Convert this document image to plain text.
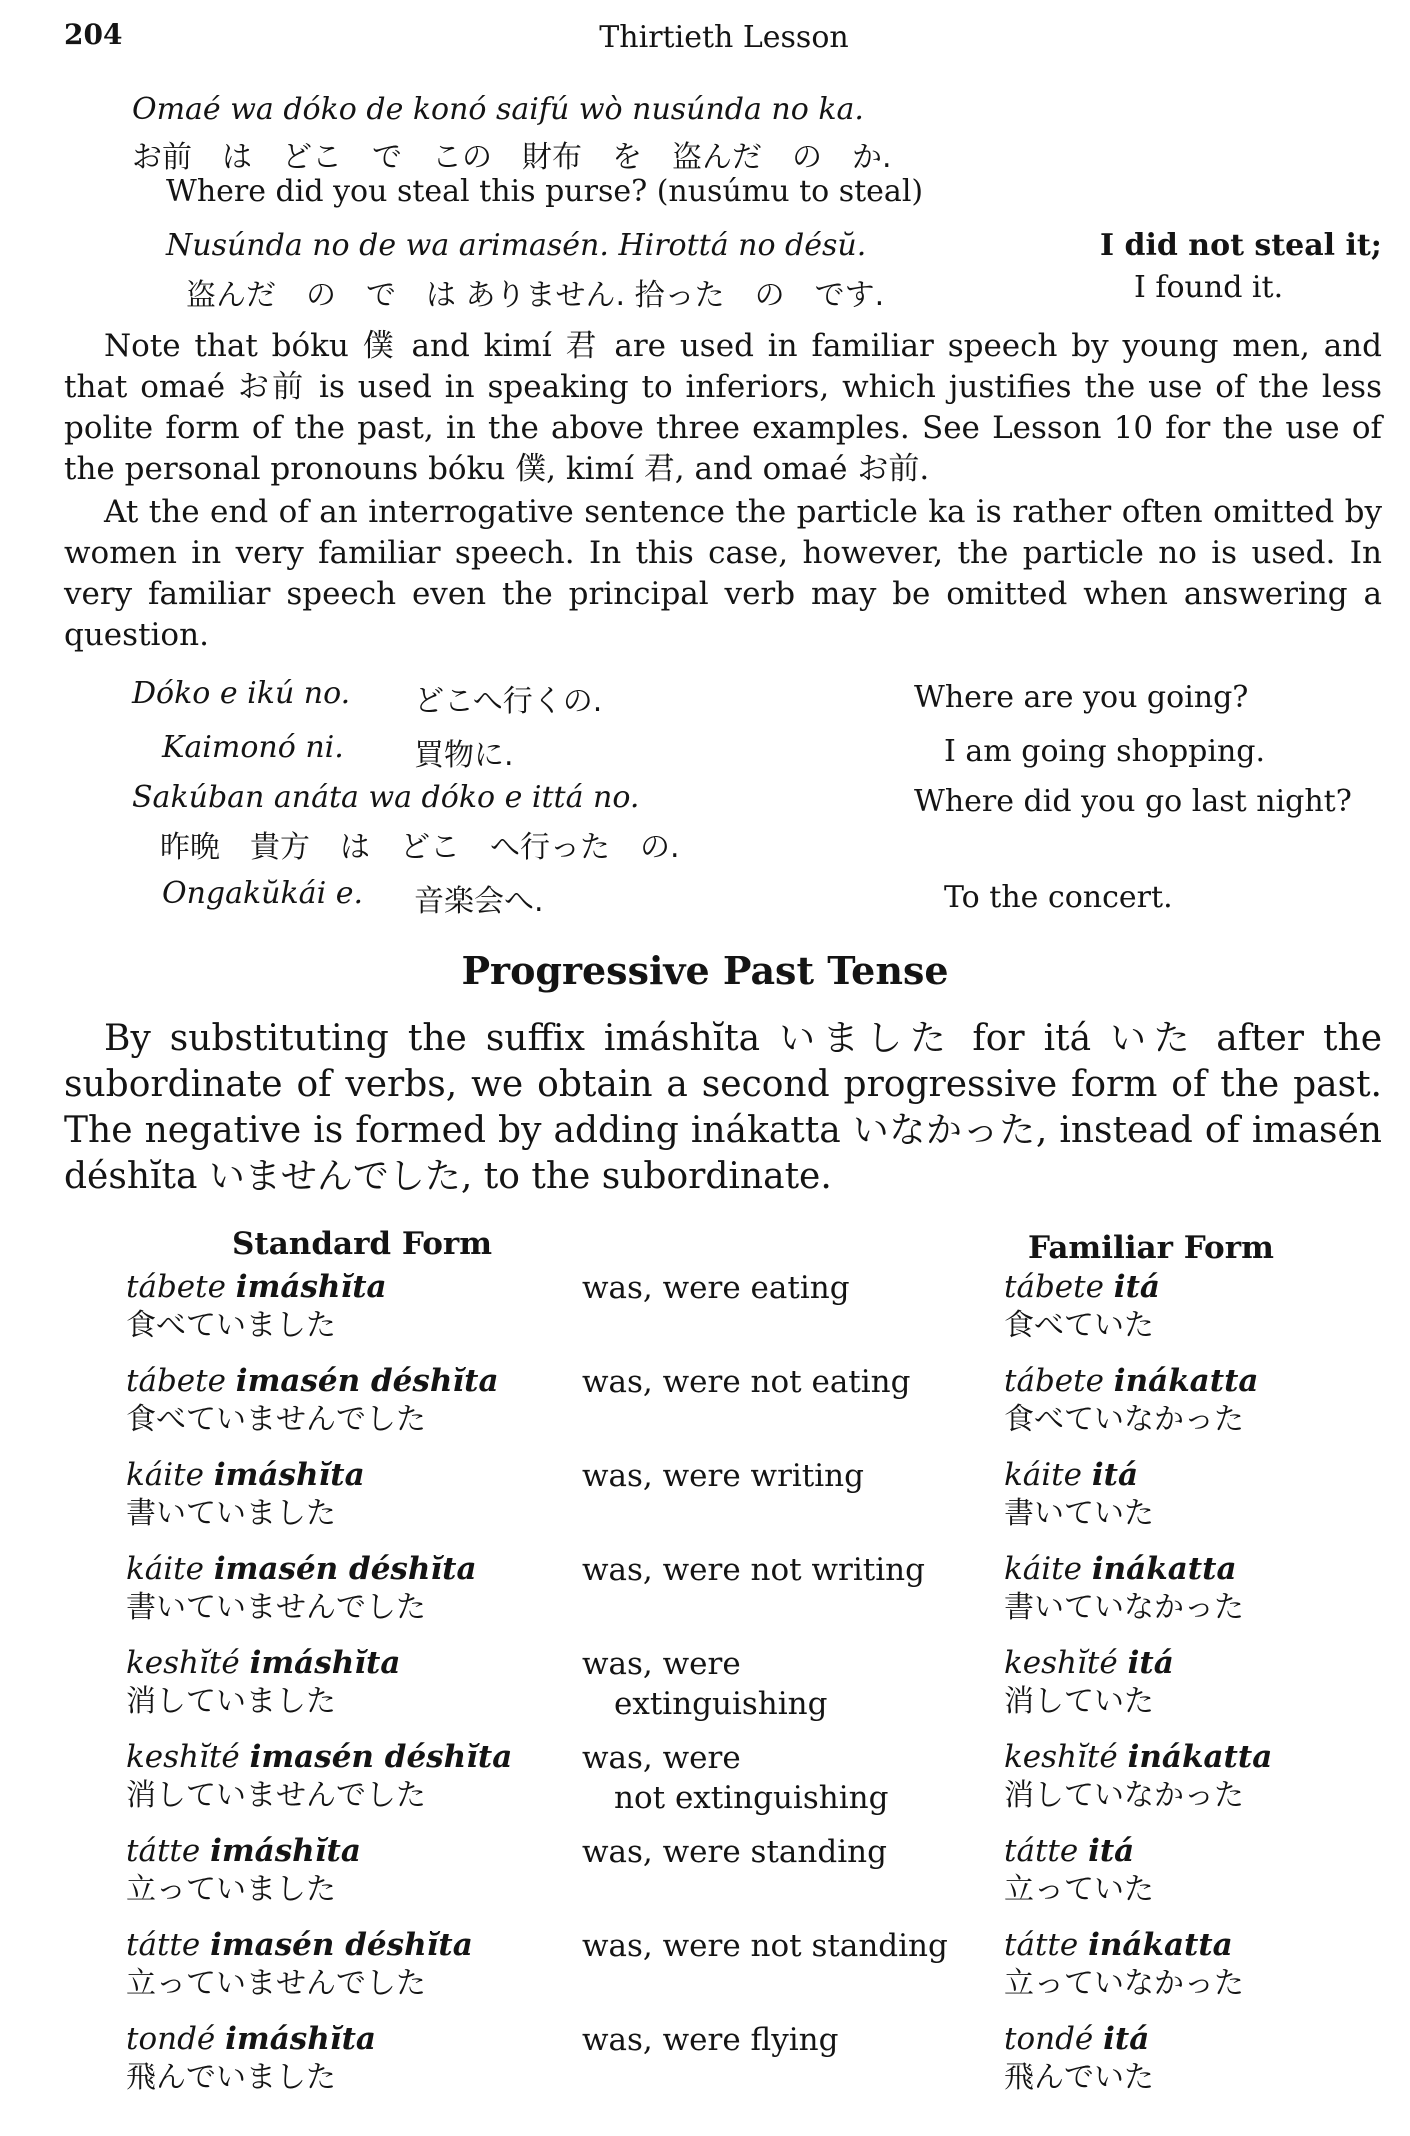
204	Thirtieth Lesson
Omaé wa dóko de konó saifú wò nusúnda no ka.
お前　は　どこ　で　この　財布　を　盗んだ　の　か.
Where did you steal this purse? (nusúmu to steal)
Nusúnda no de wa arimasén. Hirottá no désŭ.	I did not steal it;
盗んだ　の　で　は ありません. 拾った　の　です.	I found it.

Note that bóku 僕 and kimí 君 are used in familiar speech by young men, and that omaé お前 is used in speaking to inferiors, which justifies the use of the less polite form of the past, in the above three examples. See Lesson 10 for the use of the personal pronouns bóku 僕, kimí 君, and omaé お前.

At the end of an interrogative sentence the particle ka is rather often omitted by women in very familiar speech. In this case, however, the particle no is used. In very familiar speech even the principal verb may be omitted when answering a question.

Dóko e ikú no. どこへ行くの.	Where are you going?
Kaimonó ni. 買物に.	I am going shopping.
Sakúban anáta wa dóko e ittá no.	Where did you go last night?
昨晩　貴方　は　どこ　へ行った　の.
Ongakŭkái e. 音楽会へ.	To the concert.
Progressive Past Tense

By substituting the suffix imáshĭta いました for itá いた after the subordinate of verbs, we obtain a second progressive form of the past. The negative is formed by adding inákatta いなかった, instead of imasén déshĭta いませんでした, to the subordinate.

Standard Form	Familiar Form
tábete imáshĭta
食べていました
was, were eating	tábete itá
食べていた
tábete imasén déshĭta
食べていませんでした
was, were not eating	tábete inákatta
食べていなかった
káite imáshĭta
書いていました
was, were writing	káite itá
書いていた
káite imasén déshĭta
書いていませんでした
was, were not writing	káite inákatta
書いていなかった
keshĭté imáshĭta
消していました
was, were
extinguishing
keshĭté itá
消していた
keshĭté imasén déshĭta
消していませんでした
was, were
not extinguishing
keshĭté inákatta
消していなかった
tátte imáshĭta
立っていました
was, were standing	tátte itá
立っていた
tátte imasén déshĭta
立っていませんでした
was, were not standing tátte inákatta
立っていなかった
tondé imáshĭta
飛んでいました
was, were flying	tondé itá
飛んでいた
